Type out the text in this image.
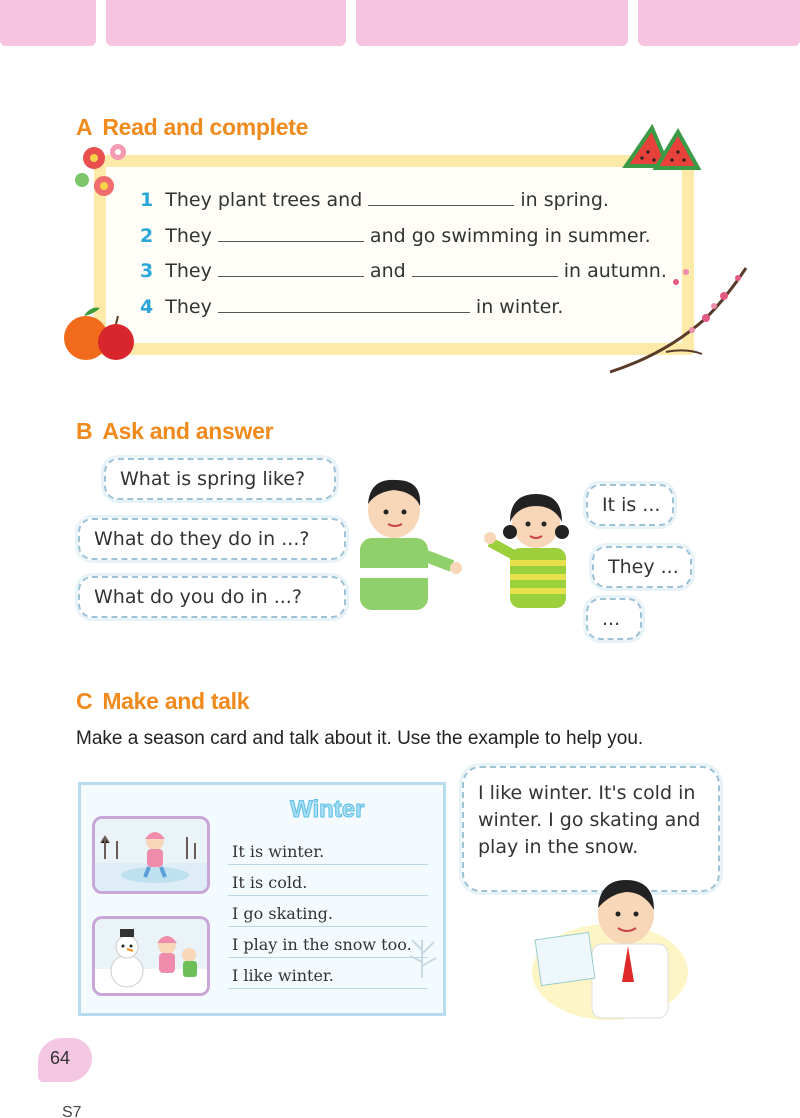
A Read and complete
1 They plant trees and	in spring.
2 They	and go swimming in summer.
3 They	and	in autumn.
4 They	in winter.
B Ask and answer
What is spring like?
What do they do in ...?
What do you do in ...?
It is ...
They ...
...
C Make and talk
Make a season card and talk about it. Use the example to help you.
Winter
It is winter.
It is cold.
I go skating.
I play in the snow too.
I like winter.
I like winter. It's cold in winter. I go skating and play in the snow.
64
S7
